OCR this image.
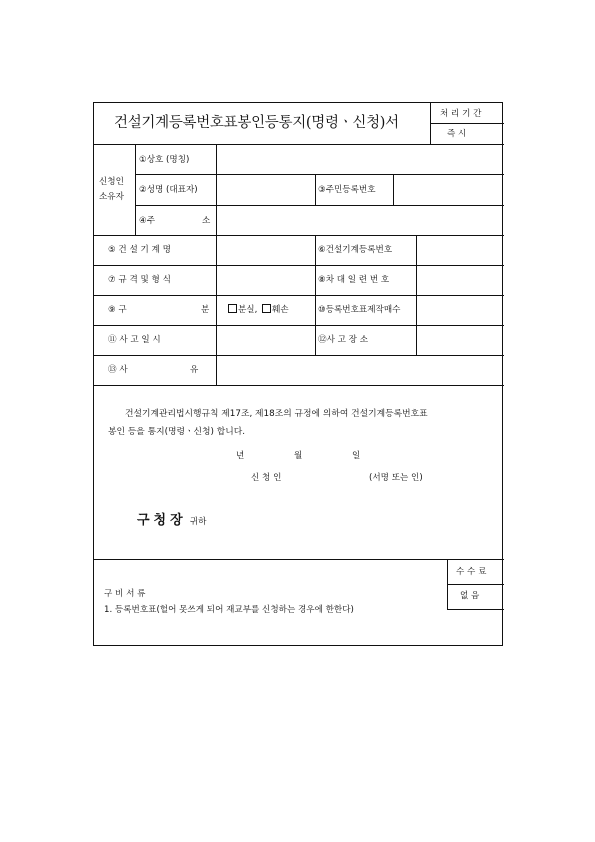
건설기계등록번호표봉인등통지(명령ㆍ신청)서
처 리 기 간
즉 시
신청인
소유자
①상호 (명칭)
②성명 (대표자)	③주민등록번호
④주	소
⑤ 건 설 기 계 명	⑥건설기계등록번호
⑦ 규 격 및 형 식	⑧차 대 일 련 번 호
⑨ 구	분	분실, 훼손	⑩등록번호표제작매수
⑪ 사 고 일 시	⑫사 고 장 소
⑬ 사	유
건설기계관리법시행규칙 제17조, 제18조의 규정에 의하여 건설기계등록번호표
봉인 등을 통지(명령ㆍ신청) 합니다.
년	월	일
신 청 인	(서명 또는 인)
구청장 귀하
수 수 료
없 음
구 비 서 류
1. 등록번호표(헐어 못쓰게 되어 재교부를 신청하는 경우에 한한다)
